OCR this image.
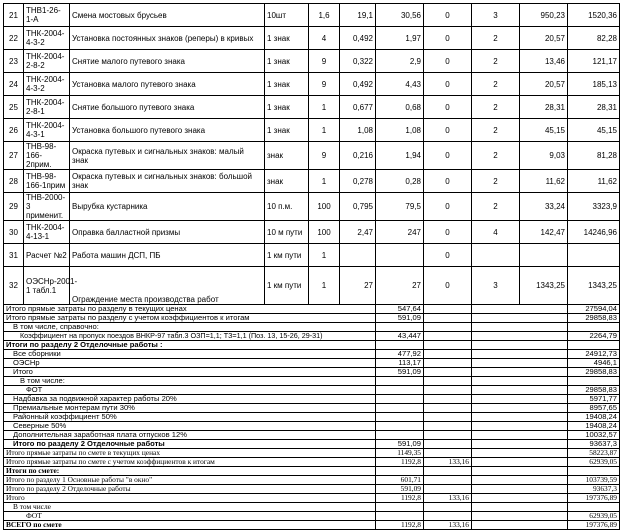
21	ТНВ1-26-1-А	Смена мостовых брусьев	10шт	1,6	19,1	30,56	0	3	950,23	1520,36
22	ТНК-2004-4-3-2	Установка постоянных знаков (реперы) в кривых	1 знак	4	0,492	1,97	0	2	20,57	82,28
23	ТНК-2004-2-8-2	Снятие малого путевого знака	1 знак	9	0,322	2,9	0	2	13,46	121,17
24	ТНК-2004-4-3-2	Установка малого путевого знака	1 знак	9	0,492	4,43	0	2	20,57	185,13
25	ТНК-2004-2-8-1	Снятие большого путевого знака	1 знак	1	0,677	0,68	0	2	28,31	28,31
26	ТНК-2004-4-3-1	Установка большого путевого знака	1 знак	1	1,08	1,08	0	2	45,15	45,15
27	ТНВ-98-166-2прим.	Окраска путевых и сигнальных знаков: малый знак	знак	9	0,216	1,94	0	2	9,03	81,28
28	ТНВ-98-166-1прим	Окраска путевых и сигнальных знаков: большой знак	знак	1	0,278	0,28	0	2	11,62	11,62
29	ТНВ-2000-3 применит.	Вырубка кустарника	10 п.м.	100	0,795	79,5	0	2	33,24	3323,9
30	ТНК-2004-4-13-1	Оправка балластной призмы	10 м пути	100	2,47	247	0	4	142,47	14246,96
31	Расчет №2	Работа машин ДСП, ПБ	1 км пути	1			0			
32	ОЭСНр-2001-1 табл.1	Ограждение места производства работ	1 км пути	1	27	27	0	3	1343,25	1343,25
Итого прямые затраты по разделу в текущих ценах						547,64				27594,04
Итого прямые затраты по разделу с учетом коэффициентов к итогам						591,09				29858,83
В том числе, справочно:										
Коэффициент на пропуск поездов ВНКР-97 табл.3 ОЗП=1,1; ТЗ=1,1 (Поз. 13, 15-26, 29-31)						43,447				2264,79
Итоги по разделу 2 Отделочные работы :										
Все сборники						477,92				24912,73
ОЭСНр						113,17				4946,1
Итого						591,09				29858,83
В том числе:										
ФОТ										29858,83
Надбавка за подвижной характер работы 20%										5971,77
Премиальные монтерам пути 30%										8957,65
Районный коэффициент 50%										19408,24
Северные 50%										19408,24
Дополнительная заработная плата отпусков 12%										10032,57
Итого по разделу 2 Отделочные работы						591,09				93637,3
Итого прямые затраты по смете в текущих ценах						1149,35				58223,87
Итого прямые затраты по смете с учетом коэффициентов к итогам						1192,8	133,16			62939,05
Итоги по смете:										
Итого по разделу 1 Основные работы "в окно"						601,71				103739,59
Итого по разделу 2 Отделочные работы						591,09				93637,3
Итого						1192,8	133,16			197376,89
В том числе										
ФОТ										62939,05
ВСЕГО по смете						1192,8	133,16			197376,89
